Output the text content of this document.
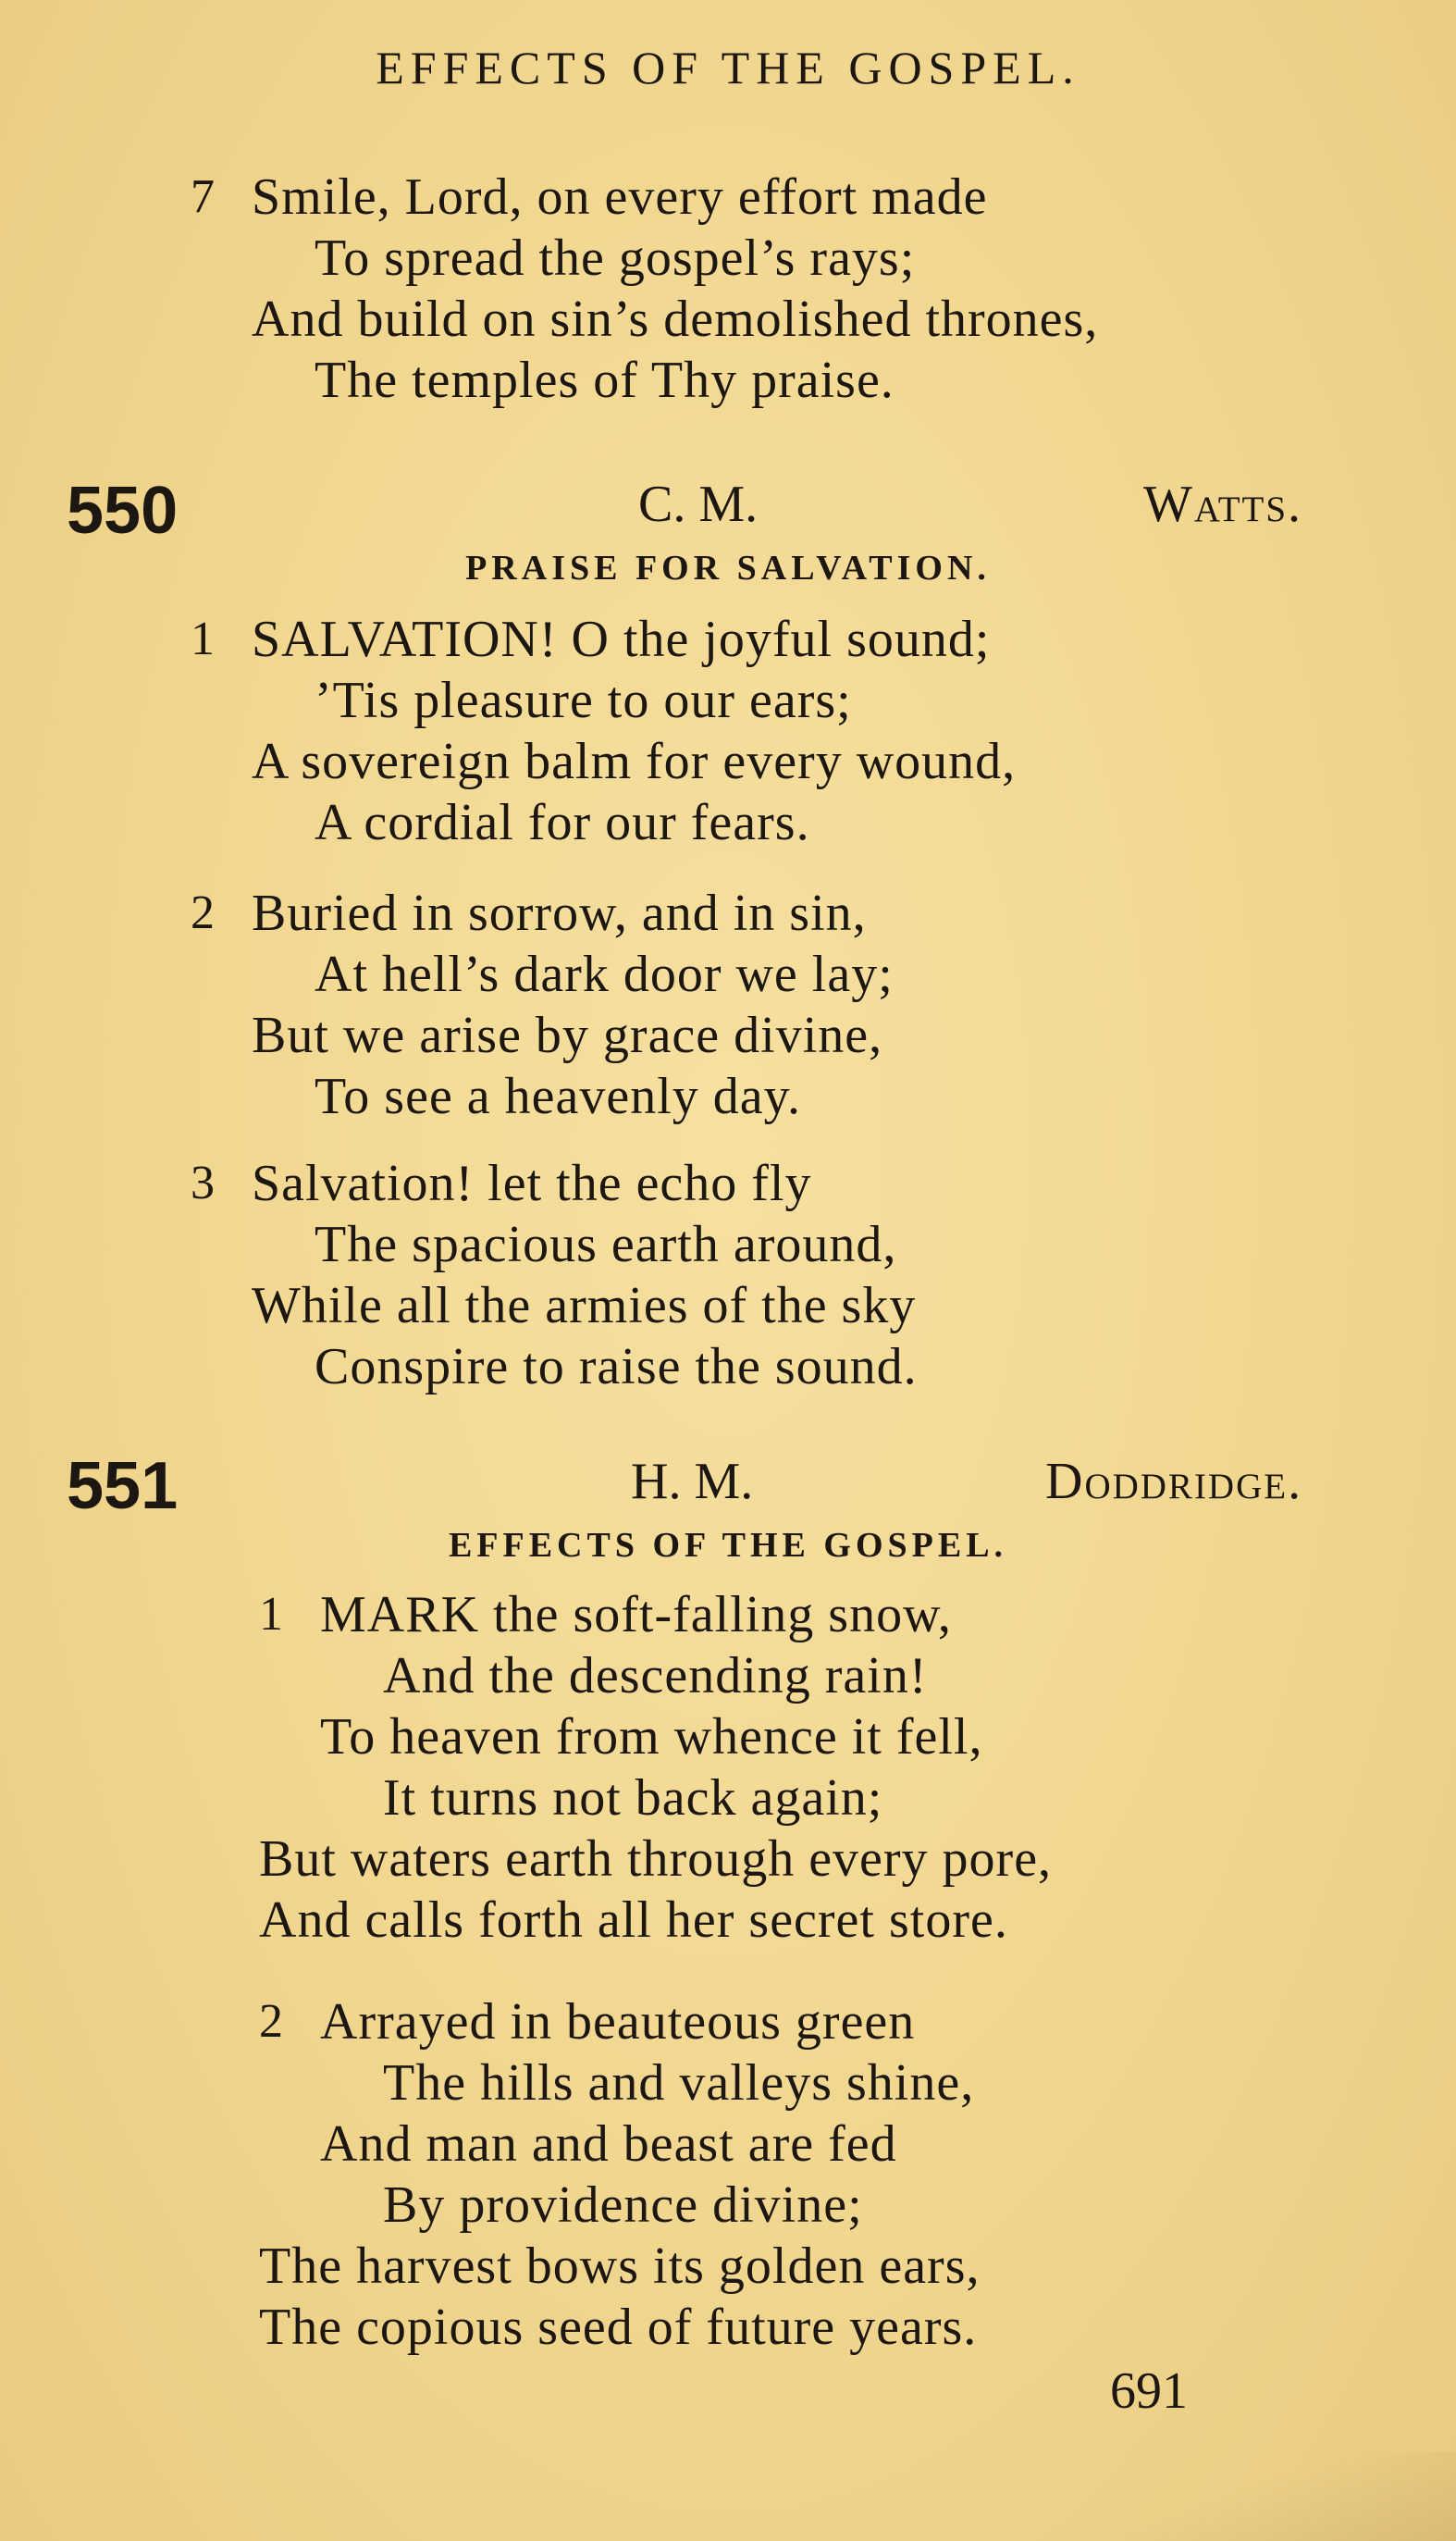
EFFECTS OF THE GOSPEL.
7 Smile, Lord, on every effort made
To spread the gospel’s rays;
And build on sin’s demolished thrones,
The temples of Thy praise.
550	C. M.	Watts.
PRAISE FOR SALVATION.
1 SALVATION! O the joyful sound;
’Tis pleasure to our ears;
A sovereign balm for every wound,
A cordial for our fears.
2 Buried in sorrow, and in sin,
At hell’s dark door we lay;
But we arise by grace divine,
To see a heavenly day.
3 Salvation! let the echo fly
The spacious earth around,
While all the armies of the sky
Conspire to raise the sound.
551	H. M.	Doddridge.
EFFECTS OF THE GOSPEL.
1 MARK the soft-falling snow,
And the descending rain!
To heaven from whence it fell,
It turns not back again;
But waters earth through every pore,
And calls forth all her secret store.
2 Arrayed in beauteous green
The hills and valleys shine,
And man and beast are fed
By providence divine;
The harvest bows its golden ears,
The copious seed of future years.
691
